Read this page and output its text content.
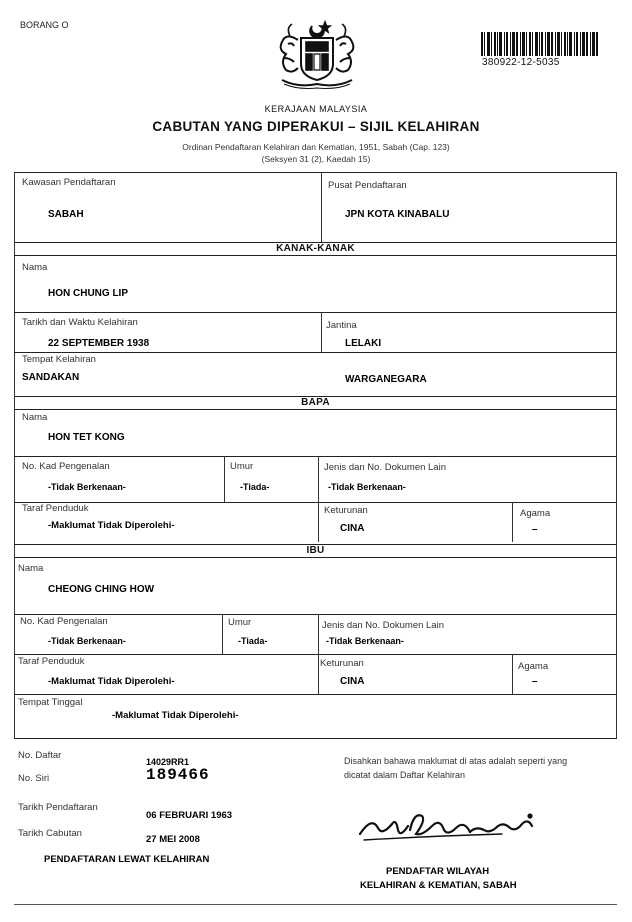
BORANG O
380922-12-5035
KERAJAAN MALAYSIA
CABUTAN YANG DIPERAKUI – SIJIL KELAHIRAN
Ordinan Pendaftaran Kelahiran dan Kematian, 1951, Sabah (Cap. 123)
(Seksyen 31 (2), Kaedah 15)
Kawasan Pendaftaran
SABAH
Pusat Pendaftaran
JPN KOTA KINABALU
KANAK-KANAK
Nama
HON CHUNG LIP
Tarikh dan Waktu Kelahiran
22 SEPTEMBER 1938
Jantina
LELAKI
Tempat Kelahiran
SANDAKAN	WARGANEGARA
BAPA
Nama
HON TET KONG
No. Kad Pengenalan
-Tidak Berkenaan-
Umur
-Tiada-
Jenis dan No. Dokumen Lain
-Tidak Berkenaan-
Taraf Penduduk
-Maklumat Tidak Diperolehi-
Keturunan
CINA
Agama
–
IBU
Nama
CHEONG CHING HOW
No. Kad Pengenalan
-Tidak Berkenaan-
Umur
-Tiada-
Jenis dan No. Dokumen Lain
-Tidak Berkenaan-
Taraf Penduduk
-Maklumat Tidak Diperolehi-
Keturunan
CINA
Agama
–
Tempat Tinggal
-Maklumat Tidak Diperolehi-
No. Daftar
14029RR1
No. Siri	189466
Tarikh Pendaftaran
06 FEBRUARI 1963
Tarikh Cabutan
27 MEI 2008
PENDAFTARAN LEWAT KELAHIRAN
Disahkan bahawa maklumat di atas adalah seperti yang dicatat dalam Daftar Kelahiran
PENDAFTAR WILAYAH
KELAHIRAN & KEMATIAN, SABAH
